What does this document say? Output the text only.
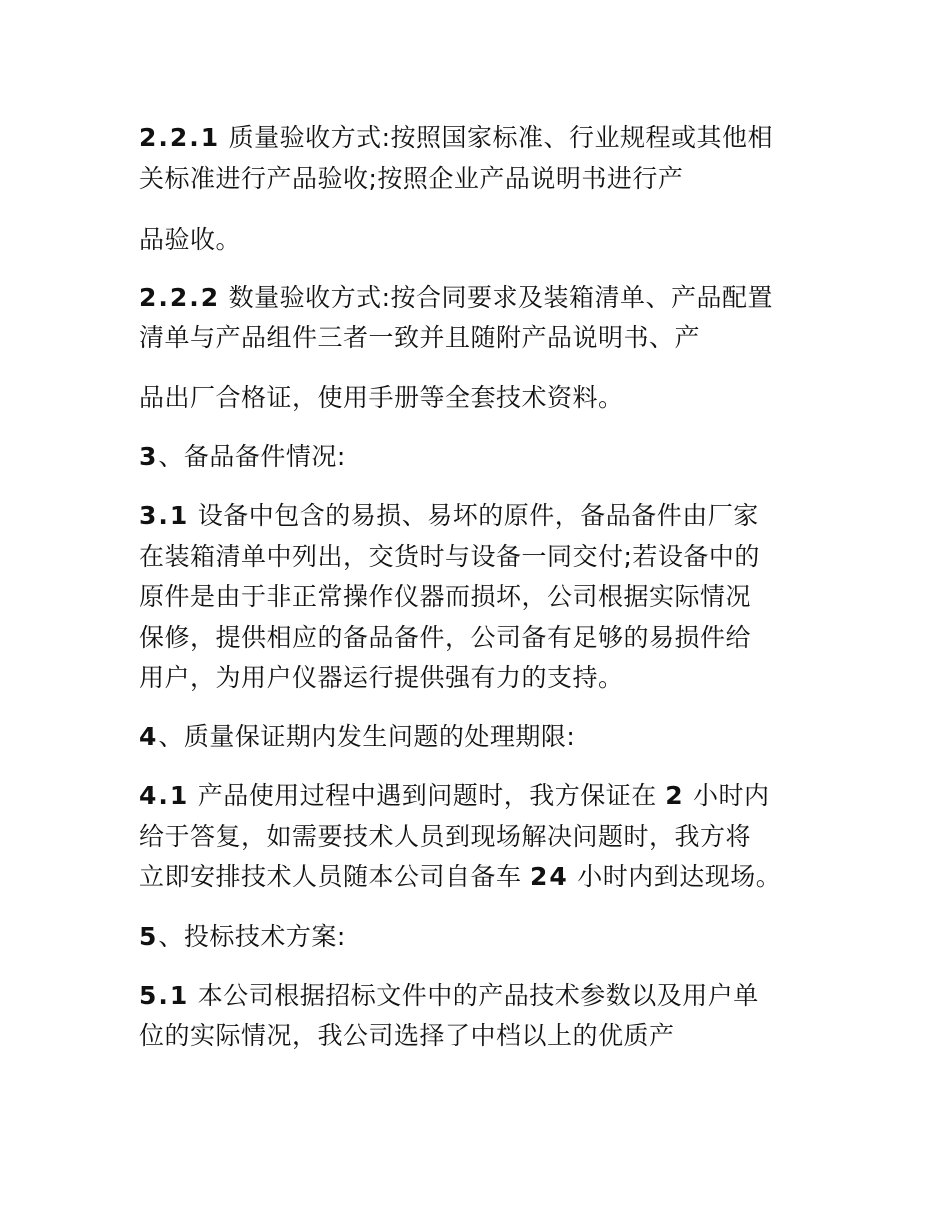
2.2.1 质量验收方式:按照国家标准、行业规程或其他相
关标准进行产品验收;按照企业产品说明书进行产
品验收。
2.2.2 数量验收方式:按合同要求及装箱清单、产品配置
清单与产品组件三者一致并且随附产品说明书、产
品出厂合格证，使用手册等全套技术资料。
3、备品备件情况:
3.1 设备中包含的易损、易坏的原件，备品备件由厂家
在装箱清单中列出，交货时与设备一同交付;若设备中的
原件是由于非正常操作仪器而损坏，公司根据实际情况
保修，提供相应的备品备件，公司备有足够的易损件给
用户，为用户仪器运行提供强有力的支持。
4、质量保证期内发生问题的处理期限:
4.1 产品使用过程中遇到问题时，我方保证在 2 小时内
给于答复，如需要技术人员到现场解决问题时，我方将
立即安排技术人员随本公司自备车 24 小时内到达现场。
5、投标技术方案:
5.1 本公司根据招标文件中的产品技术参数以及用户单
位的实际情况，我公司选择了中档以上的优质产
